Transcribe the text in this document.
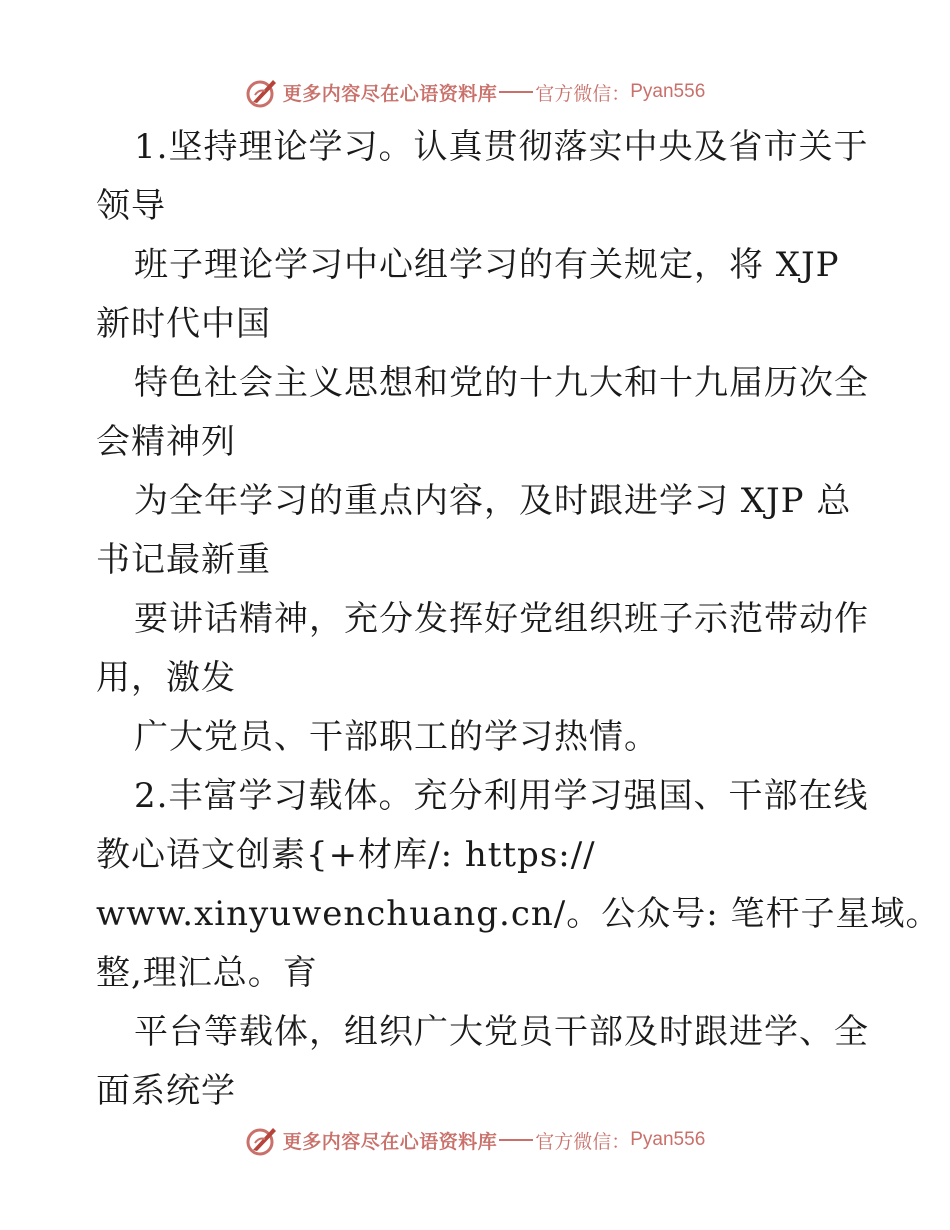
更多内容尽在心语资料库 官方微信： Pyan556
1.坚持理论学习。认真贯彻落实中央及省市关于
领导
班子理论学习中心组学习的有关规定，将 XJP
新时代中国
特色社会主义思想和党的十九大和十九届历次全
会精神列
为全年学习的重点内容，及时跟进学习 XJP 总
书记最新重
要讲话精神，充分发挥好党组织班子示范带动作
用，激发
广大党员、干部职工的学习热情。
2.丰富学习载体。充分利用学习强国、干部在线
教心语文创素{+材库/: https://
www.xinyuwenchuang.cn/。公众号: 笔杆子星域。
整,理汇总。育
平台等载体，组织广大党员干部及时跟进学、全
面系统学
更多内容尽在心语资料库 官方微信： Pyan556
